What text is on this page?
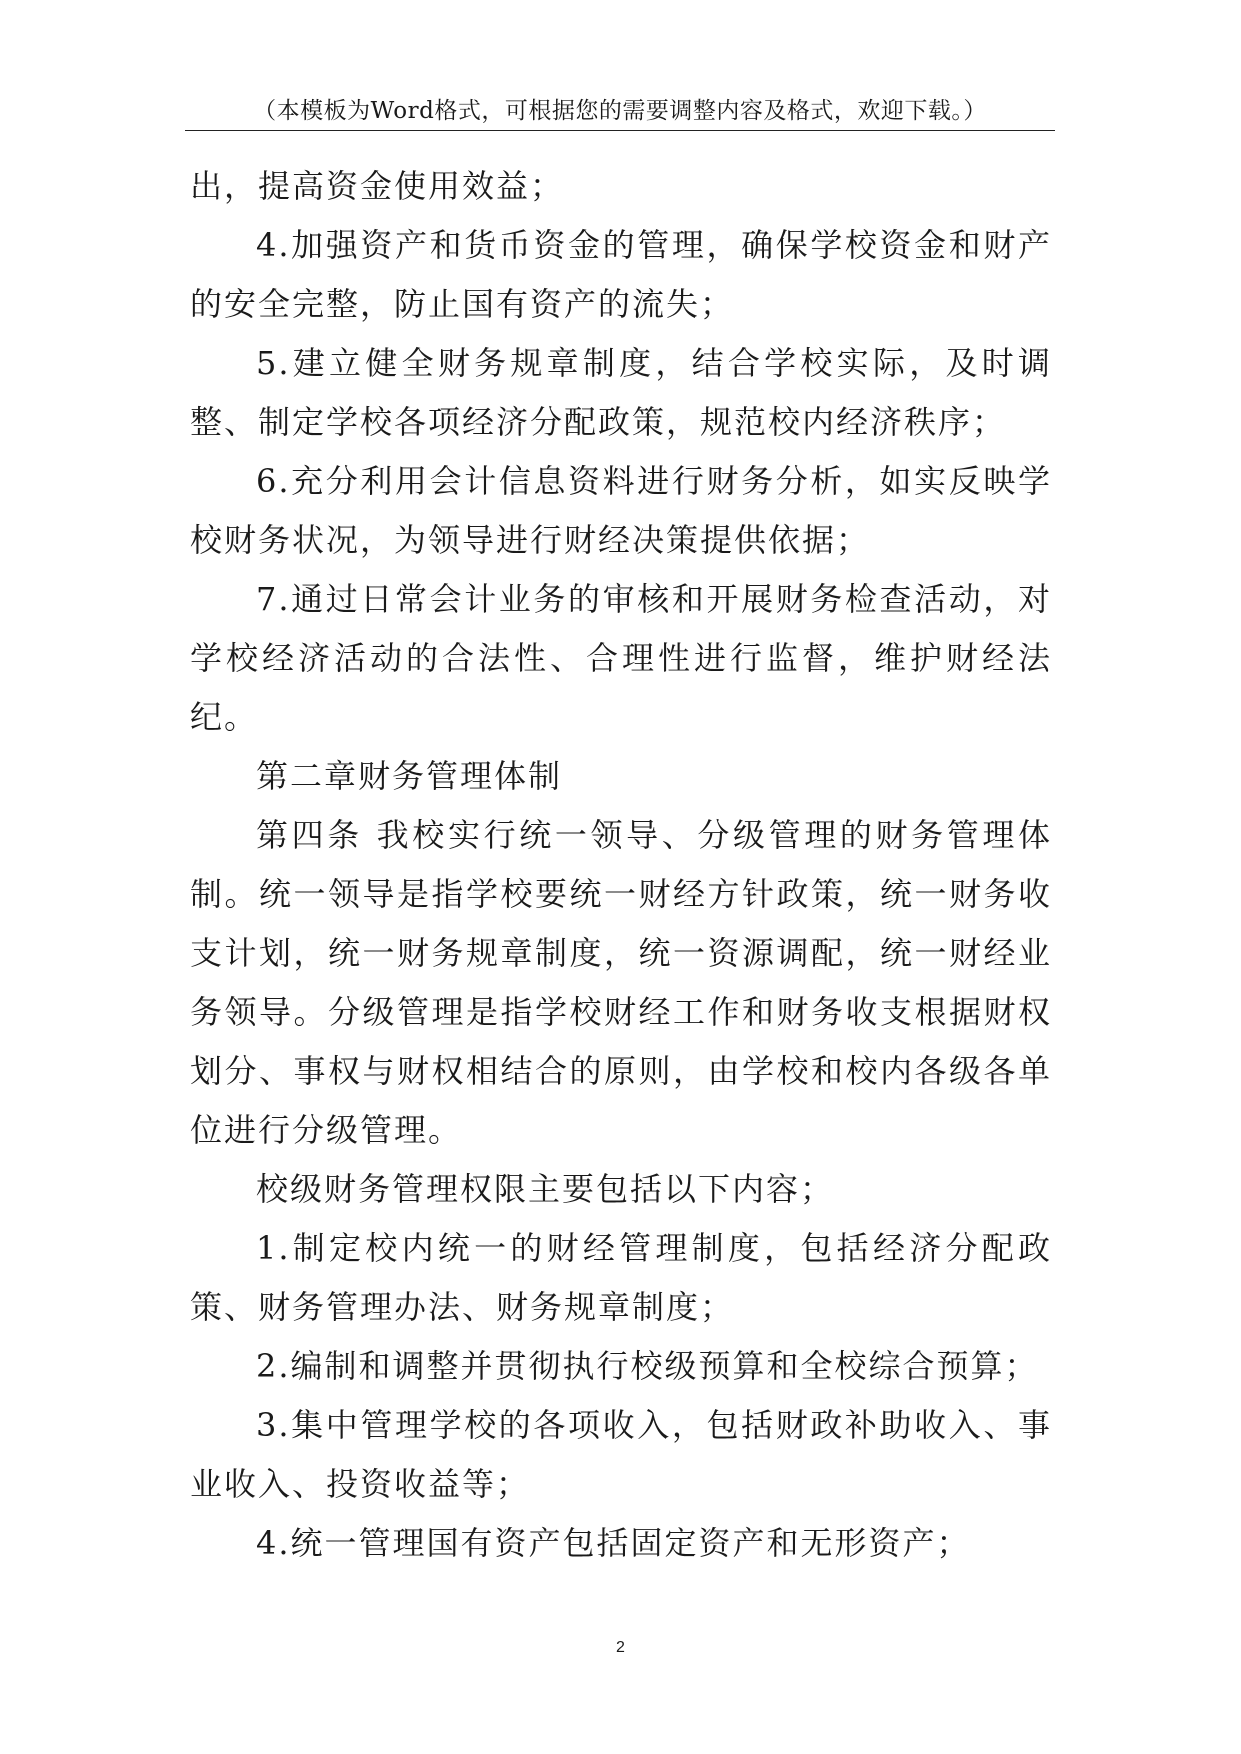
（本模板为Word格式，可根据您的需要调整内容及格式，欢迎下载。）

出，提高资金使用效益；

4.加强资产和货币资金的管理，确保学校资金和财产的安全完整，防止国有资产的流失；

5.建立健全财务规章制度，结合学校实际，及时调整、制定学校各项经济分配政策，规范校内经济秩序；

6.充分利用会计信息资料进行财务分析，如实反映学校财务状况，为领导进行财经决策提供依据；

7.通过日常会计业务的审核和开展财务检查活动，对学校经济活动的合法性、合理性进行监督，维护财经法纪。

第二章财务管理体制

第四条 我校实行统一领导、分级管理的财务管理体制。统一领导是指学校要统一财经方针政策，统一财务收支计划，统一财务规章制度，统一资源调配，统一财经业务领导。分级管理是指学校财经工作和财务收支根据财权划分、事权与财权相结合的原则，由学校和校内各级各单位进行分级管理。

校级财务管理权限主要包括以下内容；

1.制定校内统一的财经管理制度，包括经济分配政策、财务管理办法、财务规章制度；

2.编制和调整并贯彻执行校级预算和全校综合预算；

3.集中管理学校的各项收入，包括财政补助收入、事业收入、投资收益等；

4.统一管理国有资产包括固定资产和无形资产；

2
